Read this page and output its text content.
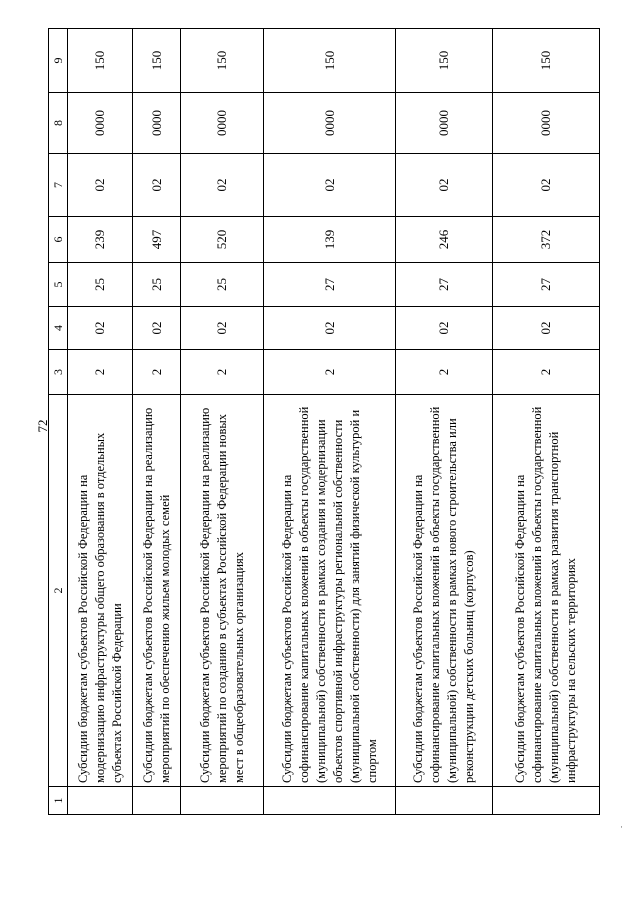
72
1	2	3	4	5	6	7	8	9
	Субсидии бюджетам субъектов Российской Федерации на модернизацию инфраструктуры общего образования в отдельных субъектах Российской Федерации	2	02	25	239	02	0000	150
	Субсидии бюджетам субъектов Российской Федерации на реализацию мероприятий по обеспечению жильем молодых семей	2	02	25	497	02	0000	150
	Субсидии бюджетам субъектов Российской Федерации на реализацию мероприятий по созданию в субъектах Российской Федерации новых мест в общеобразовательных организациях	2	02	25	520	02	0000	150
	Субсидии бюджетам субъектов Российской Федерации на софинансирование капитальных вложений в объекты государственной (муниципальной) собственности в рамках создания и модернизации объектов спортивной инфраструктуры региональной собственности (муниципальной собственности) для занятий физической культурой и спортом	2	02	27	139	02	0000	150
	Субсидии бюджетам субъектов Российской Федерации на софинансирование капитальных вложений в объекты государственной (муниципальной) собственности в рамках нового строительства или реконструкции детских больниц (корпусов)	2	02	27	246	02	0000	150
	Субсидии бюджетам субъектов Российской Федерации на софинансирование капитальных вложений в объекты государственной (муниципальной) собственности в рамках развития транспортной инфраструктуры на сельских территориях	2	02	27	372	02	0000	150
·
